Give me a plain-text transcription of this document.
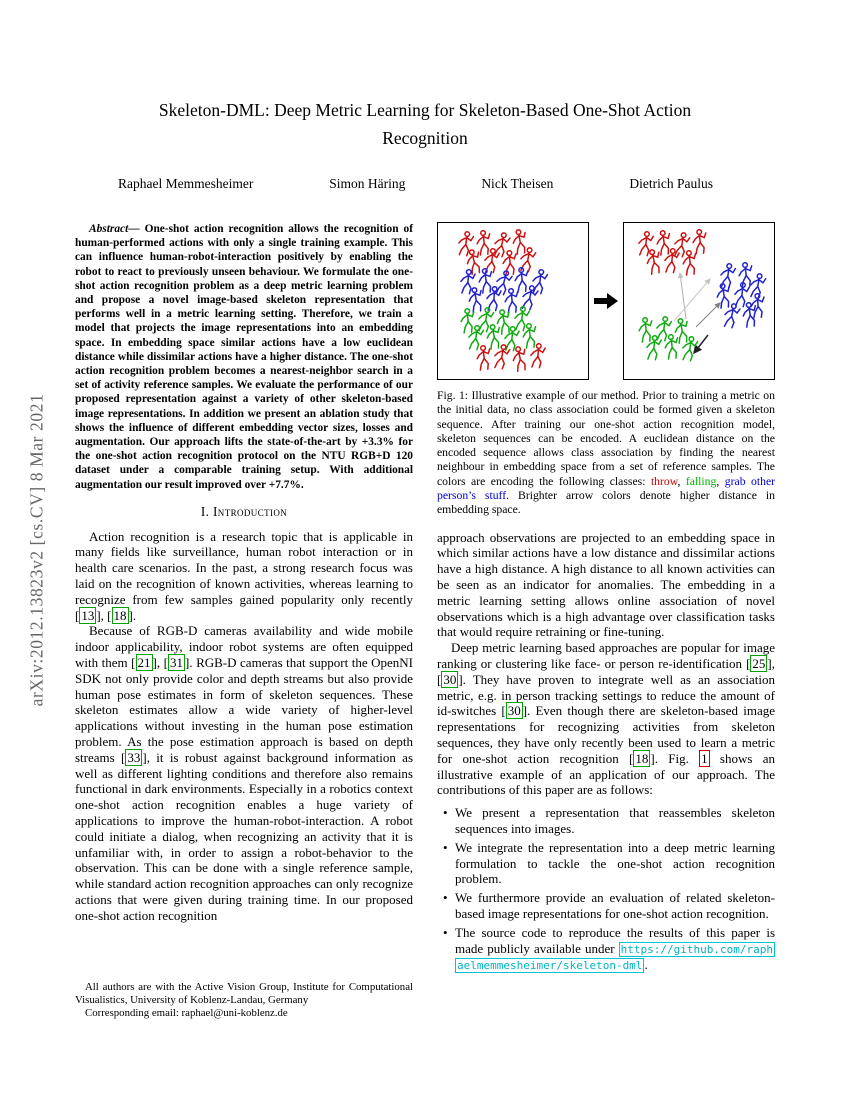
arXiv:2012.13823v2 [cs.CV] 8 Mar 2021
Skeleton-DML: Deep Metric Learning for Skeleton-Based One-Shot Action Recognition
Raphael Memmesheimer	Simon Häring	Nick Theisen	Dietrich Paulus

Abstract— One-shot action recognition allows the recognition of human-performed actions with only a single training example. This can influence human-robot-interaction positively by enabling the robot to react to previously unseen behaviour. We formulate the one-shot action recognition problem as a deep metric learning problem and propose a novel image-based skeleton representation that performs well in a metric learning setting. Therefore, we train a model that projects the image representations into an embedding space. In embedding space similar actions have a low euclidean distance while dissimilar actions have a higher distance. The one-shot action recognition problem becomes a nearest-neighbor search in a set of activity reference samples. We evaluate the performance of our proposed representation against a variety of other skeleton-based image representations. In addition we present an ablation study that shows the influence of different embedding vector sizes, losses and augmentation. Our approach lifts the state-of-the-art by +3.3% for the one-shot action recognition protocol on the NTU RGB+D 120 dataset under a comparable training setup. With additional augmentation our result improved over +7.7%.

I. Introduction

Action recognition is a research topic that is applicable in many fields like surveillance, human robot interaction or in health care scenarios. In the past, a strong research focus was laid on the recognition of known activities, whereas learning to recognize from few samples gained popularity only recently [ 13 ], [ 18 ].

Because of RGB-D cameras availability and wide mobile indoor applicability, indoor robot systems are often equipped with them [ 21 ], [ 31 ]. RGB-D cameras that support the OpenNI SDK not only provide color and depth streams but also provide human pose estimates in form of skeleton sequences. These skeleton estimates allow a wide variety of higher-level applications without investing in the human pose estimation problem. As the pose estimation approach is based on depth streams [ 33 ], it is robust against background information as well as different lighting conditions and therefore also remains functional in dark environments. Especially in a robotics context one-shot action recognition enables a huge variety of applications to improve the human-robot-interaction. A robot could initiate a dialog, when recognizing an activity that it is unfamiliar with, in order to assign a robot-behavior to the observation. This can be done with a single reference sample, while standard action recognition approaches can only recognize actions that were given during training time. In our proposed one-shot action recognition

Fig. 1: Illustrative example of our method. Prior to training a metric on the initial data, no class association could be formed given a skeleton sequence. After training our one-shot action recognition model, skeleton sequences can be encoded. A euclidean distance on the encoded sequence allows class association by finding the nearest neighbour in embedding space from a set of reference samples. The colors are encoding the following classes: throw, falling, grab other person’s stuff. Brighter arrow colors denote higher distance in embedding space.

approach observations are projected to an embedding space in which similar actions have a low distance and dissimilar actions have a high distance. A high distance to all known activities can be seen as an indicator for anomalies. The embedding in a metric learning setting allows online association of novel observations which is a high advantage over classification tasks that would require retraining or fine-tuning.

Deep metric learning based approaches are popular for image ranking or clustering like face- or person re-identification [ 25 ], [ 30 ]. They have proven to integrate well as an association metric, e.g. in person tracking settings to reduce the amount of id-switches [ 30 ]. Even though there are skeleton-based image representations for recognizing activities from skeleton sequences, they have only recently been used to learn a metric for one-shot action recognition [ 18 ]. Fig. 1 shows an illustrative example of an application of our approach. The contributions of this paper are as follows:

• We present a representation that reassembles skeleton sequences into images.
• We integrate the representation into a deep metric learning formulation to tackle the one-shot action recognition problem.
• We furthermore provide an evaluation of related skeleton-based image representations for one-shot action recognition.
• The source code to reproduce the results of this paper is made publicly available under https://github.com/raphaelmemmesheimer/skeleton-dml .

All authors are with the Active Vision Group, Institute for Computational Visualistics, University of Koblenz-Landau, Germany

Corresponding email: raphael@uni-koblenz.de
